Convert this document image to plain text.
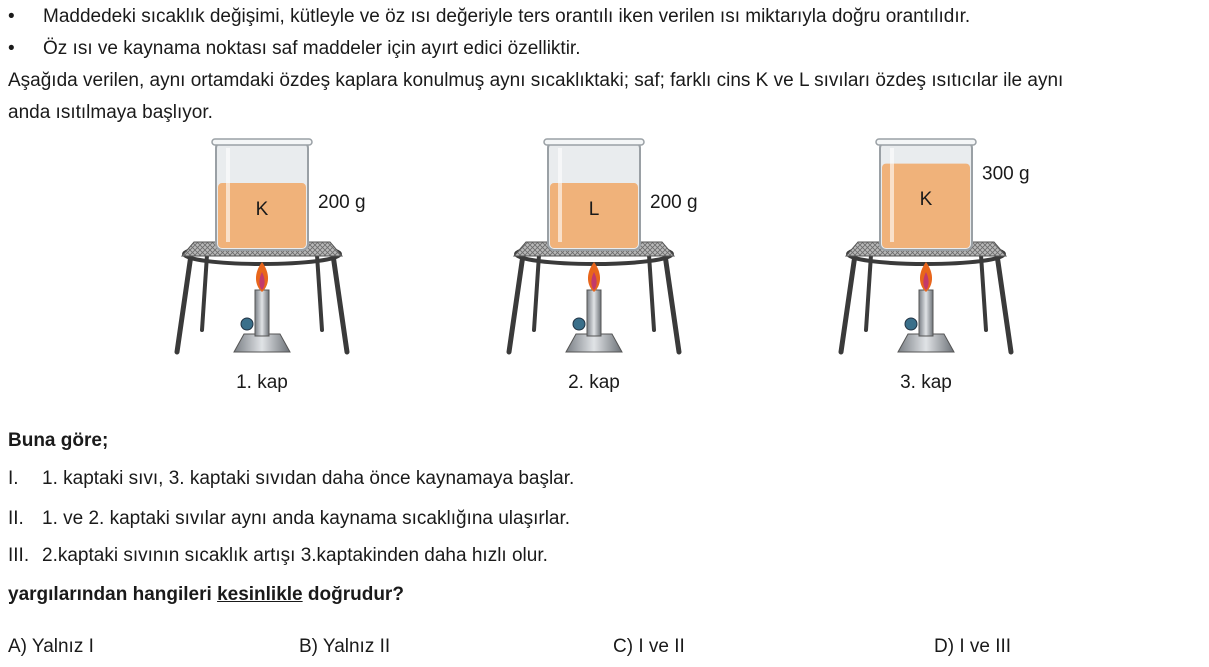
• Maddedeki sıcaklık değişimi, kütleyle ve öz ısı değeriyle ters orantılı iken verilen ısı miktarıyla doğru orantılıdır.
• Öz ısı ve kaynama noktası saf maddeler için ayırt edici özelliktir.
Aşağıda verilen, aynı ortamdaki özdeş kaplara konulmuş aynı sıcaklıktaki; saf; farklı cins K ve L sıvıları özdeş ısıtıcılar ile aynı
anda ısıtılmaya başlıyor.
K	200 g
1. kap
L	200 g
2. kap
K
300 g
3. kap
Buna göre;
I. 1. kaptaki sıvı, 3. kaptaki sıvıdan daha önce kaynamaya başlar.
II. 1. ve 2. kaptaki sıvılar aynı anda kaynama sıcaklığına ulaşırlar.
III. 2.kaptaki sıvının sıcaklık artışı 3.kaptakinden daha hızlı olur.
yargılarından hangileri kesinlikle doğrudur?
A) Yalnız I	B) Yalnız II	C) I ve II	D) I ve III
